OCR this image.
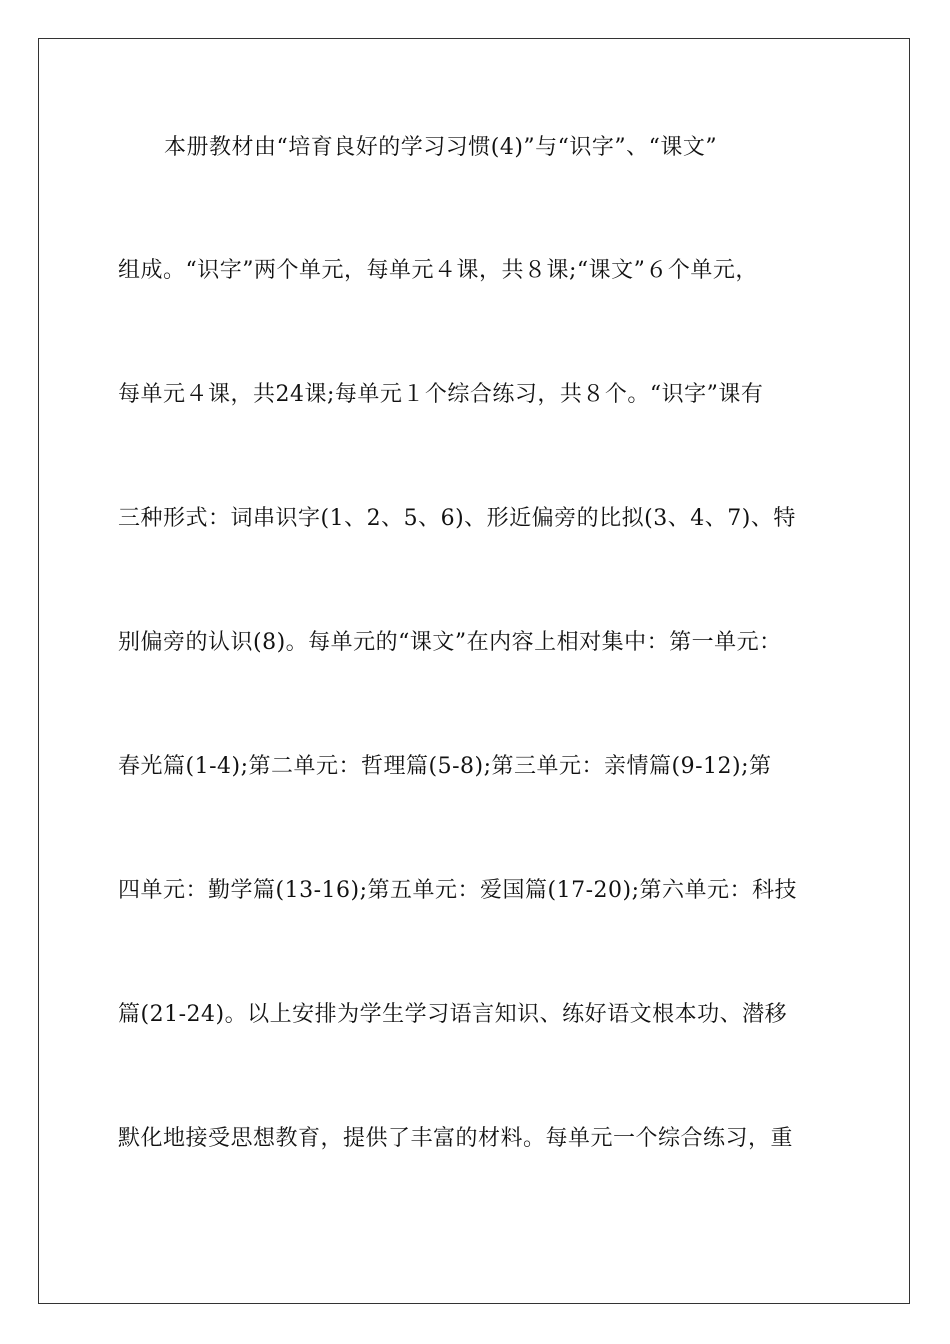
本册教材由“培育良好的学习习惯(4)”与“识字”、“课文”
组成。“识字”两个单元，每单元４课，共８课;“课文”６个单元，
每单元４课，共24课;每单元１个综合练习，共８个。“识字”课有
三种形式：词串识字(1、2、5、6)、形近偏旁的比拟(3、4、7)、特
别偏旁的认识(8)。每单元的“课文”在内容上相对集中：第一单元：
春光篇(1-4);第二单元：哲理篇(5-8);第三单元：亲情篇(9-12);第
四单元：勤学篇(13-16);第五单元：爱国篇(17-20);第六单元：科技
篇(21-24)。以上安排为学生学习语言知识、练好语文根本功、潜移
默化地接受思想教育，提供了丰富的材料。每单元一个综合练习，重
